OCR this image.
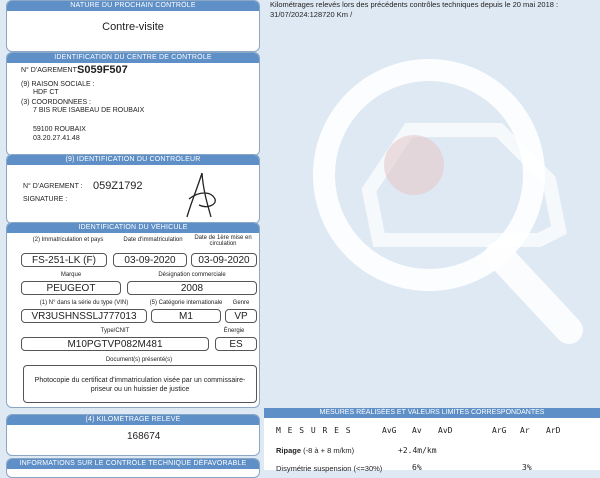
NATURE DU PROCHAIN CONTRÔLE
Contre-visite
IDENTIFICATION DU CENTRE DE CONTRÔLE
N° D'AGREMENT :
S059F507
(9) RAISON SOCIALE :
HDF CT
(3) COORDONNEES :
7 BIS RUE ISABEAU DE ROUBAIX
59100 ROUBAIX
03.20.27.41.48
(9) IDENTIFICATION DU CONTRÔLEUR
N° D'AGREMENT : 059Z1792
SIGNATURE :
IDENTIFICATION DU VÉHICULE
(2) Immatriculation et pays	Date d'immatriculation	Date de 1ère mise en circulation
FS-251-LK (F)	03-09-2020	03-09-2020
Marque	Désignation commerciale
PEUGEOT	2008
(1) N° dans la série du type (VIN)	(5) Catégorie internationale	Genre
VR3USHNSSLJ777013	M1	VP
Type/CNIT	Énergie
M10PGTVP082M481	ES
Document(s) présenté(s)
Photocopie du certificat d'immatriculation visée par un commissaire-priseur ou un huissier de justice
(4) KILOMÉTRAGE RELEVÉ
168674
INFORMATIONS SUR LE CONTRÔLE TECHNIQUE DÉFAVORABLE
Kilométrages relevés lors des précédents contrôles techniques depuis le 20 mai 2018 : 31/07/2024:128720 Km /
MESURES RÉALISÉES ET VALEURS LIMITES CORRESPONDANTES
M E S U R E S	AvG Av AvD	ArG Ar ArD
Ripage (-8 à + 8 m/km)	+2.4m/km
Disymétrie suspension (<=30%)	6%	3%
